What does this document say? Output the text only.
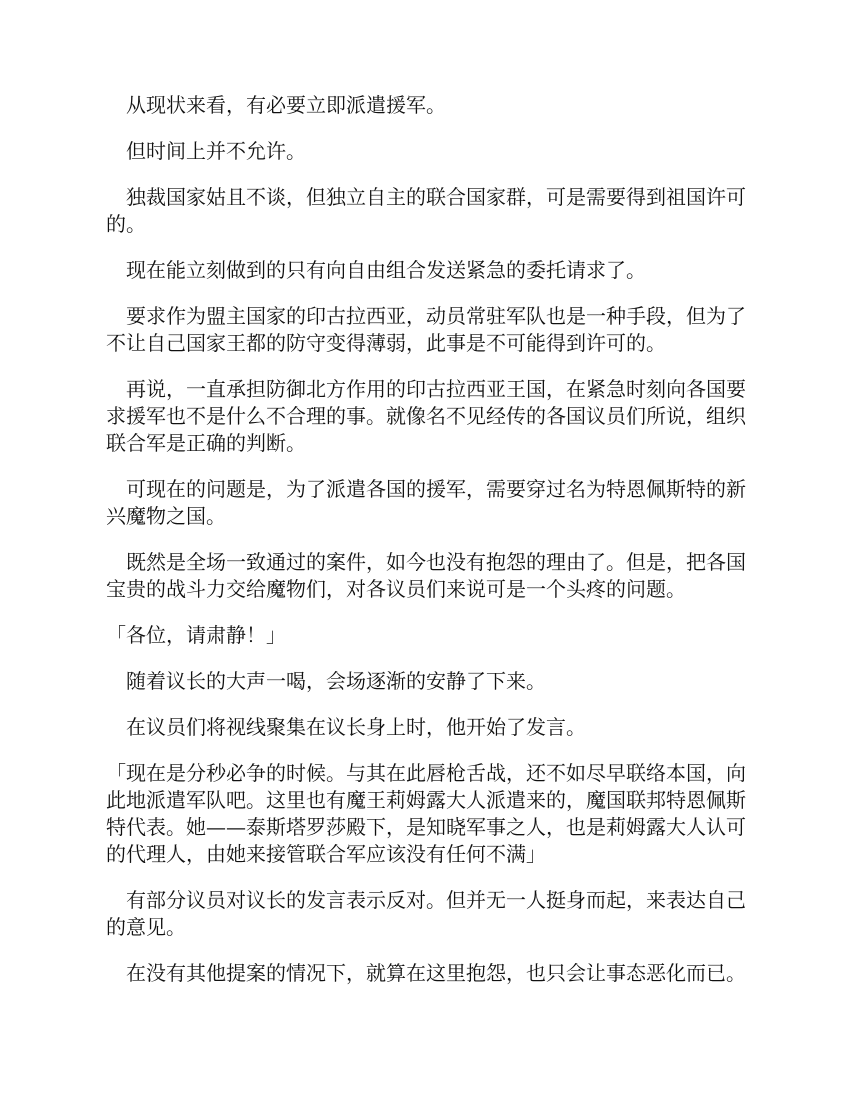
从现状来看，有必要立即派遣援军。

但时间上并不允许。

独裁国家姑且不谈，但独立自主的联合国家群，可是需要得到祖国许可的。

现在能立刻做到的只有向自由组合发送紧急的委托请求了。

要求作为盟主国家的印古拉西亚，动员常驻军队也是一种手段，但为了不让自己国家王都的防守变得薄弱，此事是不可能得到许可的。

再说，一直承担防御北方作用的印古拉西亚王国，在紧急时刻向各国要求援军也不是什么不合理的事。就像名不见经传的各国议员们所说，组织联合军是正确的判断。

可现在的问题是，为了派遣各国的援军，需要穿过名为特恩佩斯特的新兴魔物之国。

既然是全场一致通过的案件，如今也没有抱怨的理由了。但是，把各国宝贵的战斗力交给魔物们，对各议员们来说可是一个头疼的问题。

「各位，请肃静！」

随着议长的大声一喝，会场逐渐的安静了下来。

在议员们将视线聚集在议长身上时，他开始了发言。

「现在是分秒必争的时候。与其在此唇枪舌战，还不如尽早联络本国，向此地派遣军队吧。这里也有魔王莉姆露大人派遣来的，魔国联邦特恩佩斯特代表。她——泰斯塔罗莎殿下，是知晓军事之人，也是莉姆露大人认可的代理人，由她来接管联合军应该没有任何不满」

有部分议员对议长的发言表示反对。但并无一人挺身而起，来表达自己的意见。

在没有其他提案的情况下，就算在这里抱怨，也只会让事态恶化而已。
